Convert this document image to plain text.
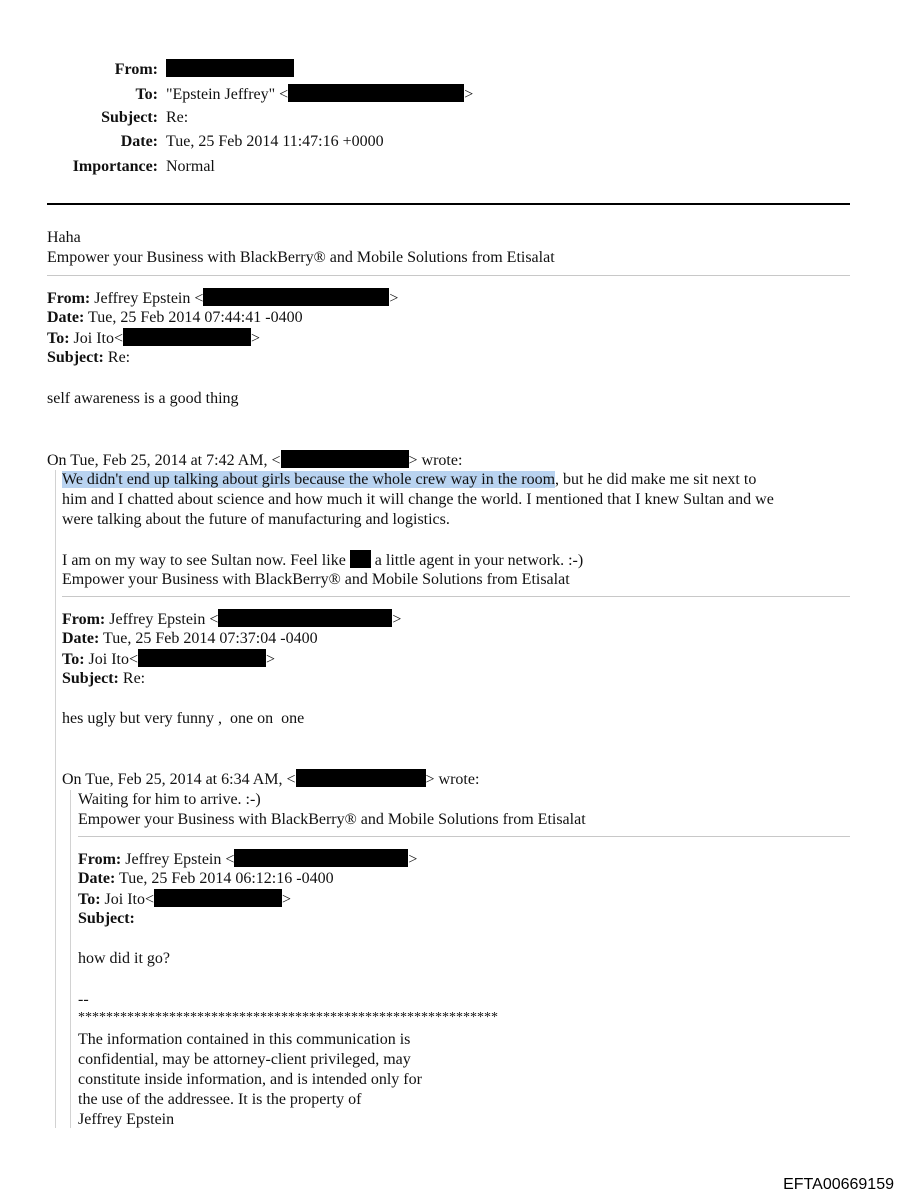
From:
To: "Epstein Jeffrey" <	>
Subject: Re:
Date: Tue, 25 Feb 2014 11:47:16 +0000
Importance: Normal
Haha
Empower your Business with BlackBerry® and Mobile Solutions from Etisalat
From: Jeffrey Epstein <	>
Date: Tue, 25 Feb 2014 07:44:41 -0400
To: Joi Ito<	>
Subject: Re:
self awareness is a good thing
On Tue, Feb 25, 2014 at 7:42 AM, <	> wrote:
We didn't end up talking about girls because the whole crew way in the room, but he did make me sit next to
him and I chatted about science and how much it will change the world. I mentioned that I knew Sultan and we
were talking about the future of manufacturing and logistics.
I am on my way to see Sultan now. Feel like a little agent in your network. :-)
Empower your Business with BlackBerry® and Mobile Solutions from Etisalat
From: Jeffrey Epstein <	>
Date: Tue, 25 Feb 2014 07:37:04 -0400
To: Joi Ito<	>
Subject: Re:
hes ugly but very funny ,  one on  one
On Tue, Feb 25, 2014 at 6:34 AM, <	> wrote:
Waiting for him to arrive. :-)
Empower your Business with BlackBerry® and Mobile Solutions from Etisalat
From: Jeffrey Epstein <	>
Date: Tue, 25 Feb 2014 06:12:16 -0400
To: Joi Ito<	>
Subject:
how did it go?
--
************************************************************
The information contained in this communication is
confidential, may be attorney-client privileged, may
constitute inside information, and is intended only for
the use of the addressee. It is the property of
Jeffrey Epstein
EFTA00669159
